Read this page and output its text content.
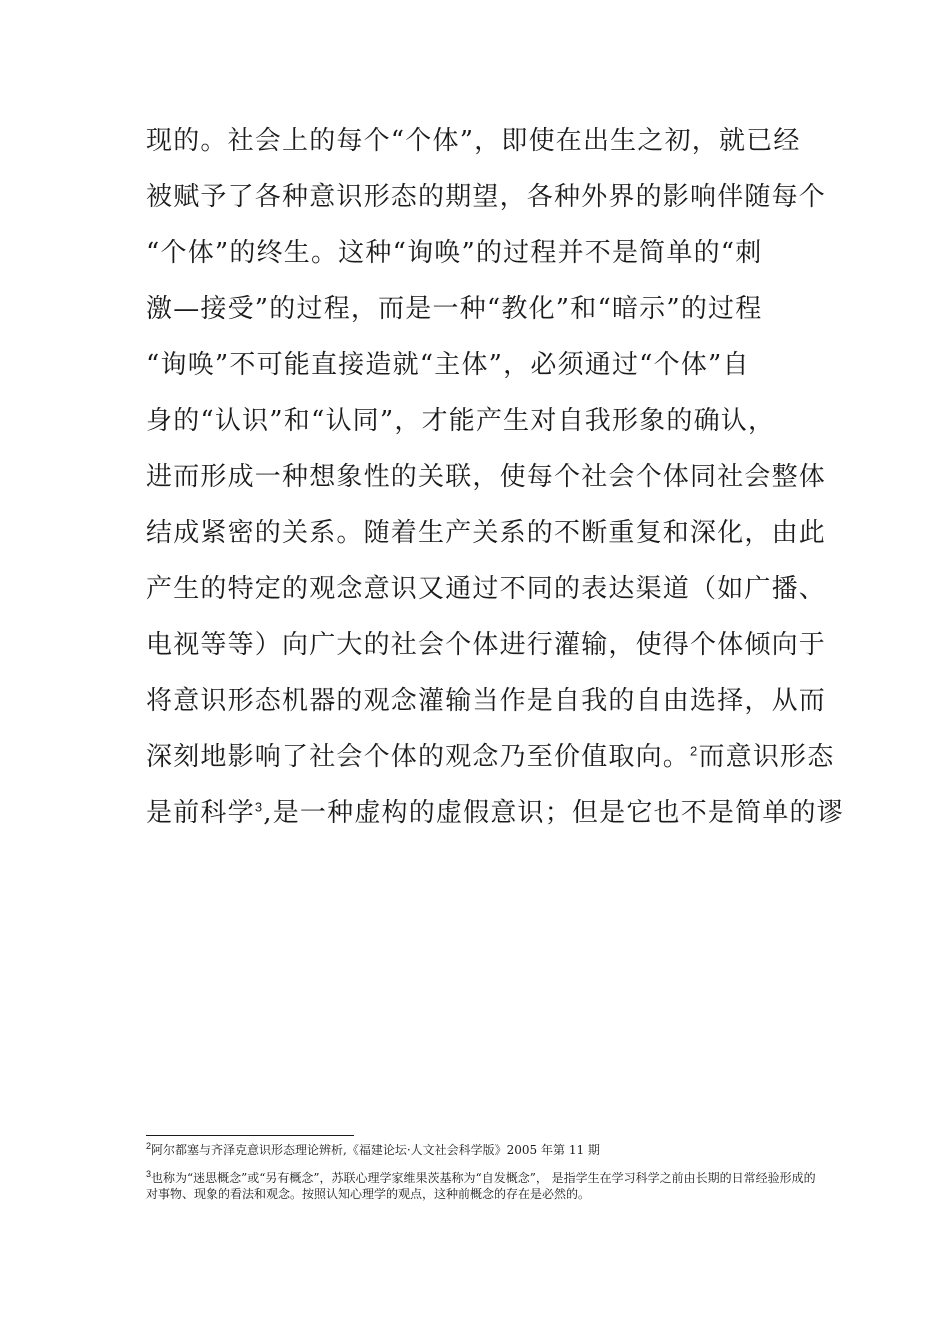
现的。社会上的每个“个体”，即使在出生之初，就已经
被赋予了各种意识形态的期望，各种外界的影响伴随每个
“个体”的终生。这种“询唤”的过程并不是简单的“刺
激—接受”的过程，而是一种“教化”和“暗示”的过程
“询唤”不可能直接造就“主体”，必须通过“个体”自
身的“认识”和“认同”，才能产生对自我形象的确认，
进而形成一种想象性的关联，使每个社会个体同社会整体
结成紧密的关系。随着生产关系的不断重复和深化，由此
产生的特定的观念意识又通过不同的表达渠道（如广播、
电视等等）向广大的社会个体进行灌输，使得个体倾向于
将意识形态机器的观念灌输当作是自我的自由选择，从而
深刻地影响了社会个体的观念乃至价值取向。$^2$而意识形态
是前科学$^3$,是一种虚构的虚假意识；但是它也不是简单的谬
$^2$阿尔都塞与齐泽克意识形态理论辨析,《福建论坛·人文社会科学版》2005 年第 11 期
$^3$也称为“迷思概念”或“另有概念”，苏联心理学家维果茨基称为“自发概念”， 是指学生在学习科学之前由长期的日常经验形成的对事物、现象的看法和观念。按照认知心理学的观点，这种前概念的存在是必然的。
